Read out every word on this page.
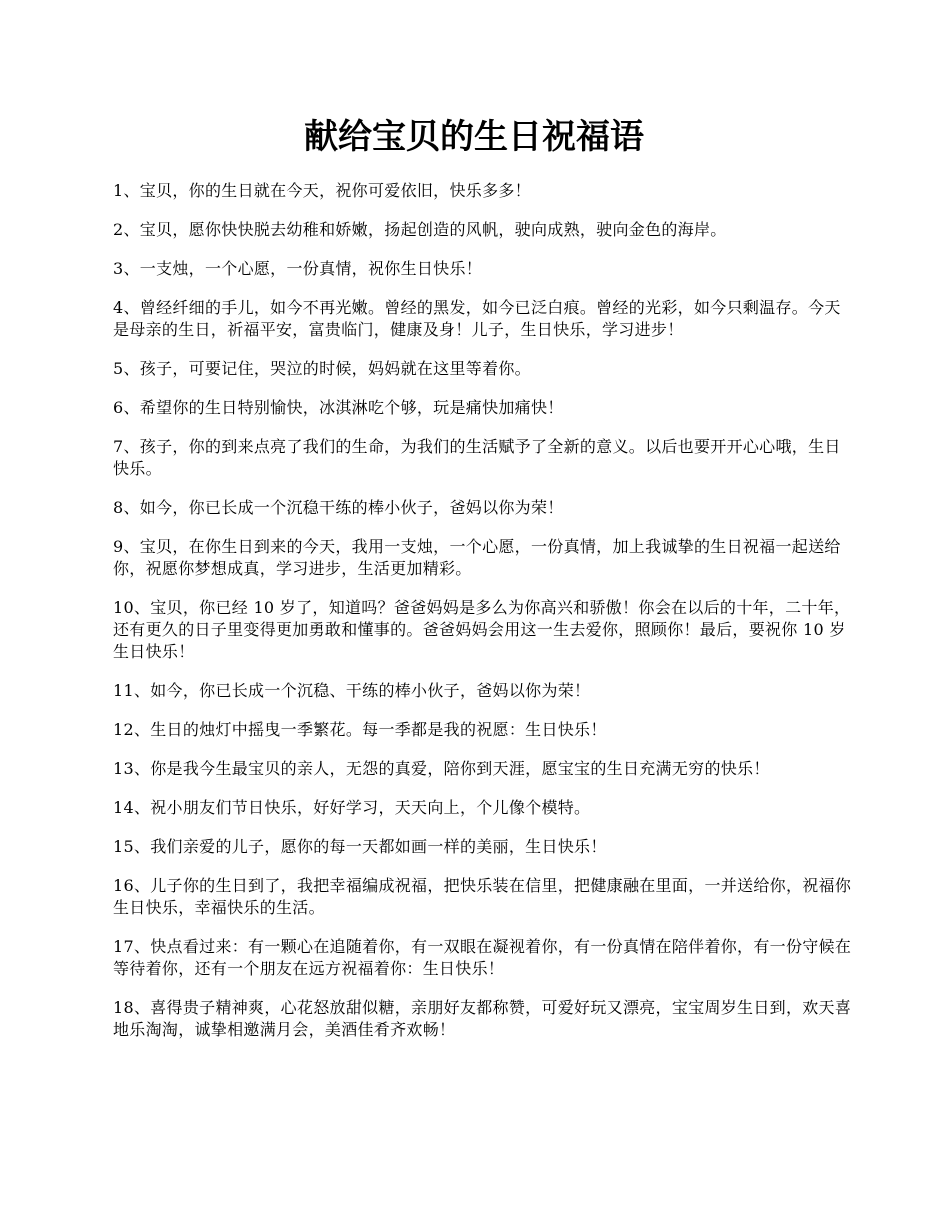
献给宝贝的生日祝福语

1、宝贝，你的生日就在今天，祝你可爱依旧，快乐多多！

2、宝贝，愿你快快脱去幼稚和娇嫩，扬起创造的风帆，驶向成熟，驶向金色的海岸。

3、一支烛，一个心愿，一份真情，祝你生日快乐！

4、曾经纤细的手儿，如今不再光嫩。曾经的黑发，如今已泛白痕。曾经的光彩，如今只剩温存。今天是母亲的生日，祈福平安，富贵临门，健康及身！儿子，生日快乐，学习进步！

5、孩子，可要记住，哭泣的时候，妈妈就在这里等着你。

6、希望你的生日特别愉快，冰淇淋吃个够，玩是痛快加痛快！

7、孩子，你的到来点亮了我们的生命，为我们的生活赋予了全新的意义。以后也要开开心心哦，生日快乐。

8、如今，你已长成一个沉稳干练的棒小伙子，爸妈以你为荣！

9、宝贝，在你生日到来的今天，我用一支烛，一个心愿，一份真情，加上我诚挚的生日祝福一起送给你，祝愿你梦想成真，学习进步，生活更加精彩。

10、宝贝，你已经 10 岁了，知道吗？爸爸妈妈是多么为你高兴和骄傲！你会在以后的十年，二十年，还有更久的日子里变得更加勇敢和懂事的。爸爸妈妈会用这一生去爱你，照顾你！最后，要祝你 10 岁生日快乐！

11、如今，你已长成一个沉稳、干练的棒小伙子，爸妈以你为荣！

12、生日的烛灯中摇曳一季繁花。每一季都是我的祝愿：生日快乐！

13、你是我今生最宝贝的亲人，无怨的真爱，陪你到天涯，愿宝宝的生日充满无穷的快乐！

14、祝小朋友们节日快乐，好好学习，天天向上，个儿像个模特。

15、我们亲爱的儿子，愿你的每一天都如画一样的美丽，生日快乐！

16、儿子你的生日到了，我把幸福编成祝福，把快乐装在信里，把健康融在里面，一并送给你，祝福你生日快乐，幸福快乐的生活。

17、快点看过来：有一颗心在追随着你，有一双眼在凝视着你，有一份真情在陪伴着你，有一份守候在等待着你，还有一个朋友在远方祝福着你：生日快乐！

18、喜得贵子精神爽，心花怒放甜似糖，亲朋好友都称赞，可爱好玩又漂亮，宝宝周岁生日到，欢天喜地乐淘淘，诚挚相邀满月会，美酒佳肴齐欢畅！
